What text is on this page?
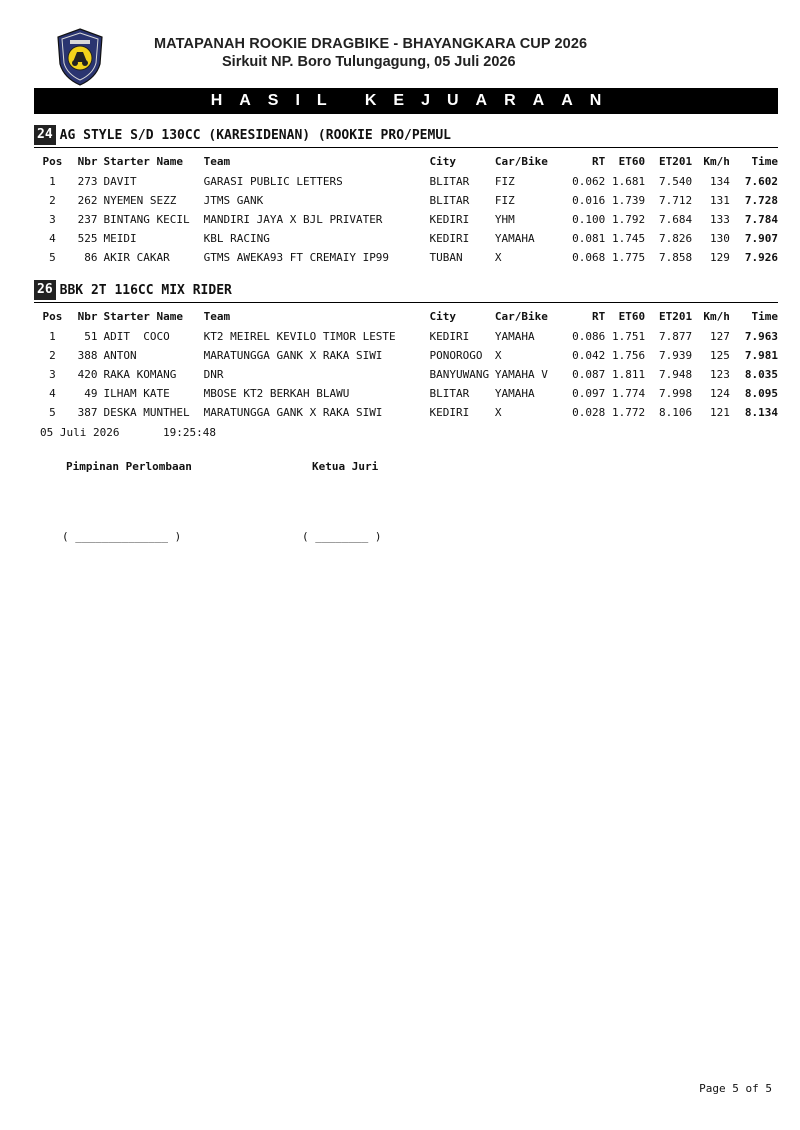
MATAPANAH ROOKIE DRAGBIKE - BHAYANGKARA CUP 2026
Sirkuit NP. Boro Tulungagung, 05 Juli 2026
HASIL KEJUARAAN
24 AG STYLE S/D 130CC (KARESIDENAN) (ROOKIE PRO/PEMUL
Pos	Nbr	Starter Name	Team	City	Car/Bike	RT	ET60	ET201	Km/h	Time
1	273	DAVIT	GARASI PUBLIC LETTERS	BLITAR	FIZ	0.062	1.681	7.540	134	7.602
2	262	NYEMEN SEZZ	JTMS GANK	BLITAR	FIZ	0.016	1.739	7.712	131	7.728
3	237	BINTANG KECIL	MANDIRI JAYA X BJL PRIVATER	KEDIRI	YHM	0.100	1.792	7.684	133	7.784
4	525	MEIDI	KBL RACING	KEDIRI	YAMAHA	0.081	1.745	7.826	130	7.907
5	86	AKIR CAKAR	GTMS AWEKA93 FT CREMAIY IP99	TUBAN	X	0.068	1.775	7.858	129	7.926
26 BBK 2T 116CC MIX RIDER
Pos	Nbr	Starter Name	Team	City	Car/Bike	RT	ET60	ET201	Km/h	Time
1	51	ADIT  COCO	KT2 MEIREL KEVILO TIMOR LESTE	KEDIRI	YAMAHA	0.086	1.751	7.877	127	7.963
2	388	ANTON	MARATUNGGA GANK X RAKA SIWI	PONOROGO	X	0.042	1.756	7.939	125	7.981
3	420	RAKA KOMANG	DNR	BANYUWANG	YAMAHA V	0.087	1.811	7.948	123	8.035
4	49	ILHAM KATE	MBOSE KT2 BERKAH BLAWU	BLITAR	YAMAHA	0.097	1.774	7.998	124	8.095
5	387	DESKA MUNTHEL	MARATUNGGA GANK X RAKA SIWI	KEDIRI	X	0.028	1.772	8.106	121	8.134
05 Juli 2026	19:25:48
Pimpinan Perlombaan	Ketua Juri
( ______________ )	( ________ )
Page 5 of 5
